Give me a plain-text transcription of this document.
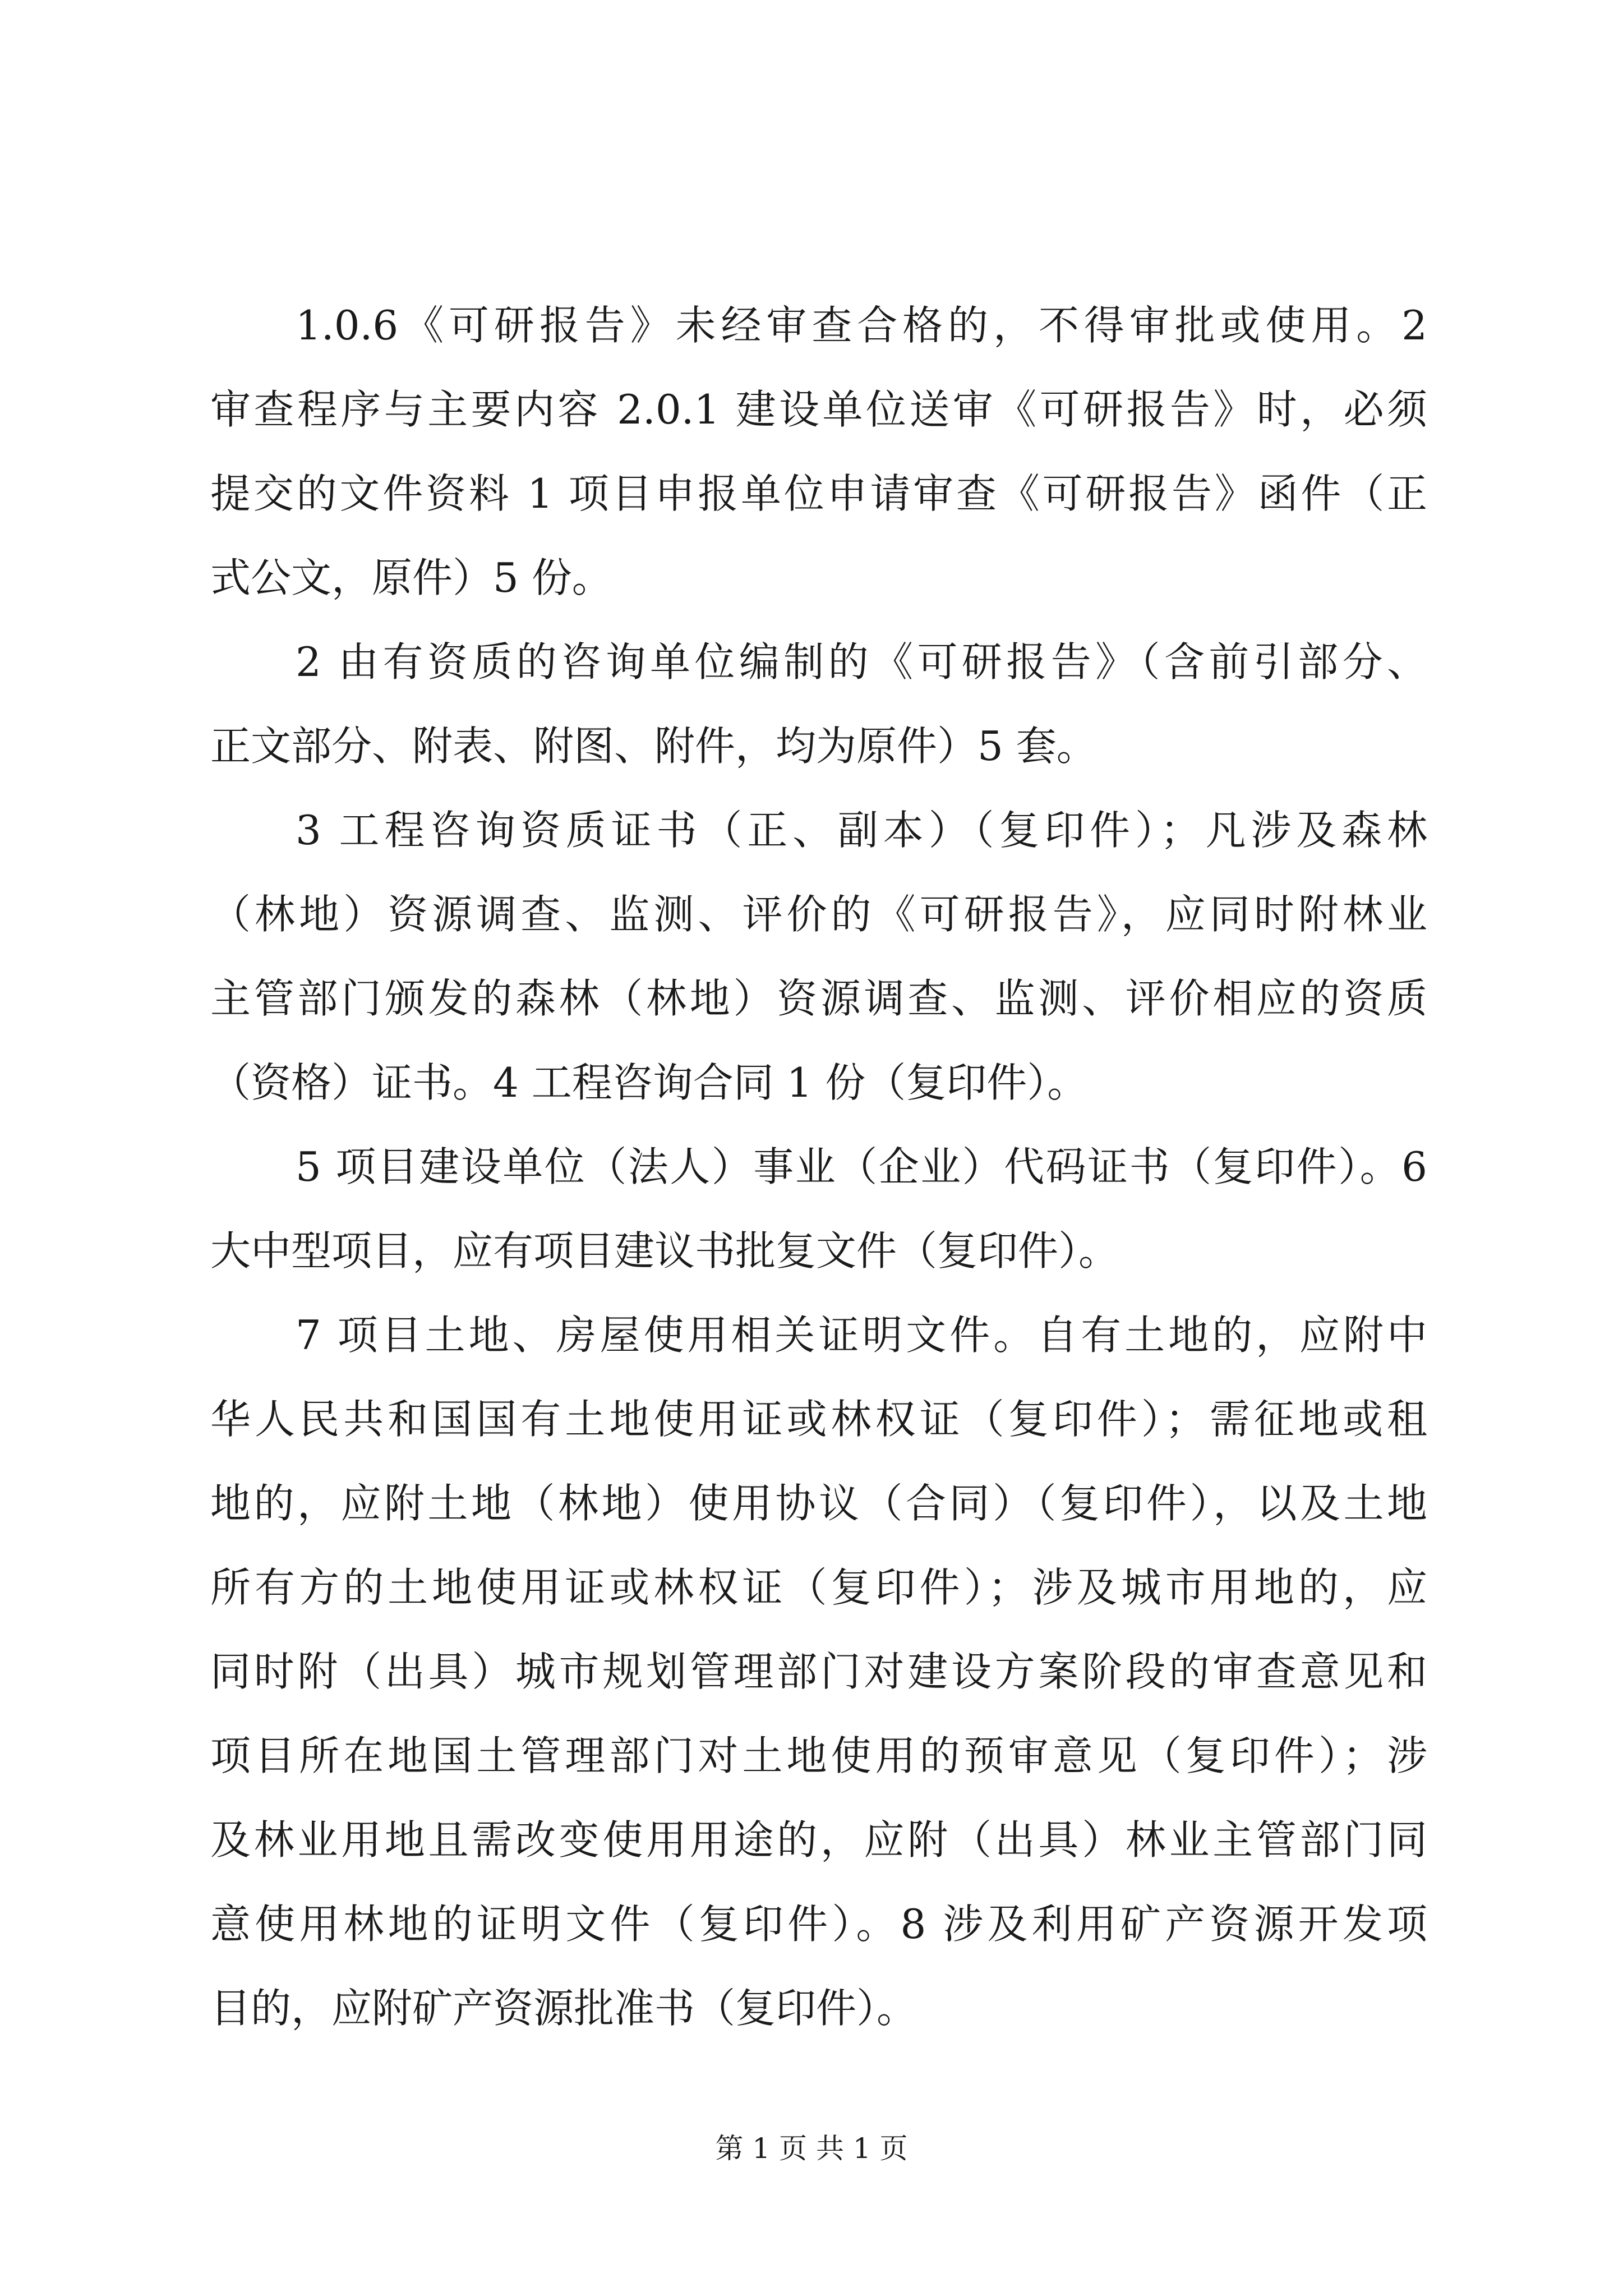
1.0.6《可研报告》未经审查合格的，不得审批或使用。2
审查程序与主要内容 2.0.1 建设单位送审《可研报告》时，必须
提交的文件资料 1 项目申报单位申请审查《可研报告》函件（正
式公文，原件）5 份。
2 由有资质的咨询单位编制的《可研报告》（含前引部分、
正文部分、附表、附图、附件，均为原件）5 套。
3 工程咨询资质证书（正、副本）（复印件）；凡涉及森林
（林地）资源调查、监测、评价的《可研报告》，应同时附林业
主管部门颁发的森林（林地）资源调查、监测、评价相应的资质
（资格）证书。4 工程咨询合同 1 份（复印件）。
5 项目建设单位（法人）事业（企业）代码证书（复印件）。6
大中型项目，应有项目建议书批复文件（复印件）。
7 项目土地、房屋使用相关证明文件。自有土地的，应附中
华人民共和国国有土地使用证或林权证（复印件）；需征地或租
地的，应附土地（林地）使用协议（合同）（复印件），以及土地
所有方的土地使用证或林权证（复印件）；涉及城市用地的，应
同时附（出具）城市规划管理部门对建设方案阶段的审查意见和
项目所在地国土管理部门对土地使用的预审意见（复印件）；涉
及林业用地且需改变使用用途的，应附（出具）林业主管部门同
意使用林地的证明文件（复印件）。8 涉及利用矿产资源开发项
目的，应附矿产资源批准书（复印件）。
第 1 页 共 1 页
